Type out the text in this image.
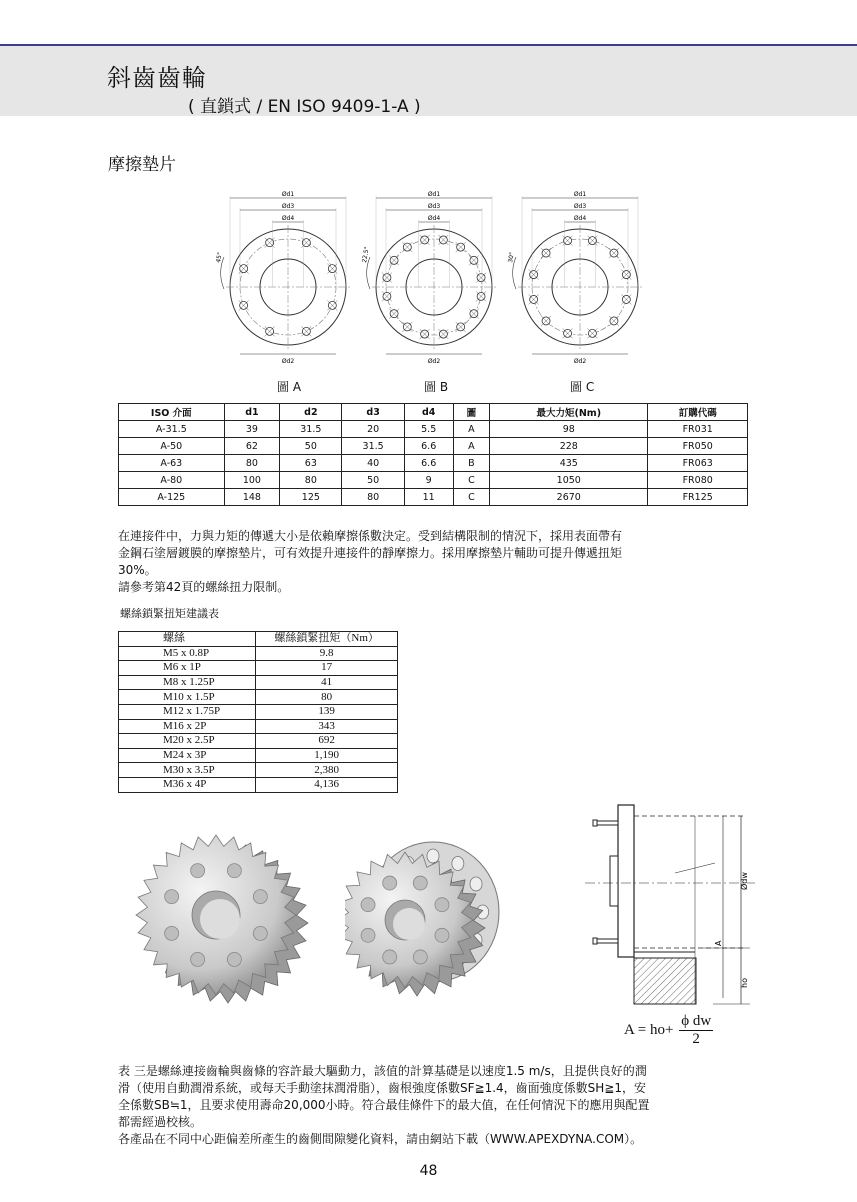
斜齒齒輪
( 直鎖式 / EN ISO 9409-1-A )
摩擦墊片
Ød1
Ød3
Ød4
Ød2
45°
Ød1
Ød3
Ød4
Ød2
22.5°
Ød1
Ød3
Ød4
Ød2
30°
圖 A	圖 B	圖 C
ISO 介面	d1	d2	d3	d4	圖	最大力矩(Nm)	訂購代碼
A-31.5	39	31.5	20	5.5	A	98	FR031
A-50	62	50	31.5	6.6	A	228	FR050
A-63	80	63	40	6.6	B	435	FR063
A-80	100	80	50	9	C	1050	FR080
A-125	148	125	80	11	C	2670	FR125

在連接件中，力與力矩的傳遞大小是依賴摩擦係數決定。受到結構限制的情況下，採用表面帶有

金鋼石塗層鍍膜的摩擦墊片，可有效提升連接件的靜摩擦力。採用摩擦墊片輔助可提升傳遞扭矩

30%。

請參考第42頁的螺絲扭力限制。

螺絲鎖緊扭矩建議表
螺絲	螺絲鎖緊扭矩（Nm）
M5 x 0.8P	9.8
M6 x 1P	17
M8 x 1.25P	41
M10 x 1.5P	80
M12 x 1.75P	139
M16 x 2P	343
M20 x 2.5P	692
M24 x 3P	1,190
M30 x 3.5P	2,380
M36 x 4P	4,136
Ødw
A
ho
$A = ho+ \frac{\text{ϕ dw}}{2}$

表 三是螺絲連接齒輪與齒條的容許最大驅動力，該值的計算基礎是以速度1.5 m/s，且提供良好的潤

滑（使用自動潤滑系統，或每天手動塗抹潤滑脂），齒根強度係數SF≧1.4，齒面強度係數SH≧1，安

全係數SB≒1，且要求使用壽命20,000小時。符合最佳條件下的最大值，在任何情況下的應用與配置

都需經過校核。

各產品在不同中心距偏差所產生的齒側間隙變化資料，請由網站下載（WWW.APEXDYNA.COM）。

48
